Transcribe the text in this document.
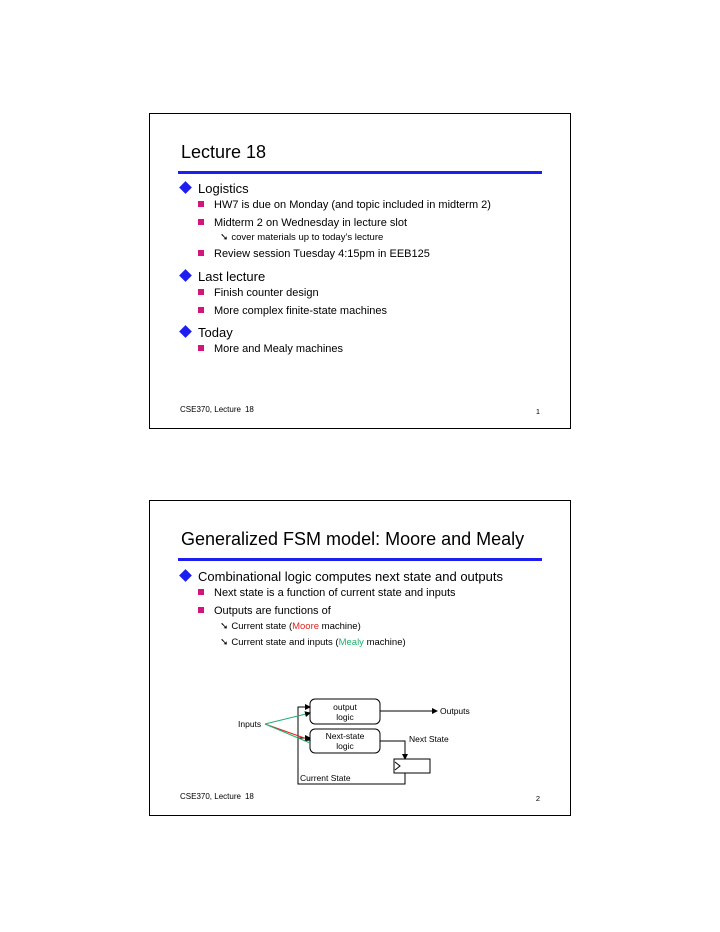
Lecture 18
Logistics
HW7 is due on Monday (and topic included in midterm 2)
Midterm 2 on Wednesday in lecture slot
➘ cover materials up to today’s lecture
Review session Tuesday 4:15pm in EEB125
Last lecture
Finish counter design
More complex finite-state machines
Today
More and Mealy machines
CSE370, Lecture 18	1
Generalized FSM model: Moore and Mealy
Combinational logic computes next state and outputs
Next state is a function of current state and inputs
Outputs are functions of
➘ Current state (Moore machine)
➘ Current state and inputs (Mealy machine)
output
logic
Next-state
logic
Outputs
Next State
Current State
Inputs
CSE370, Lecture 18	2
